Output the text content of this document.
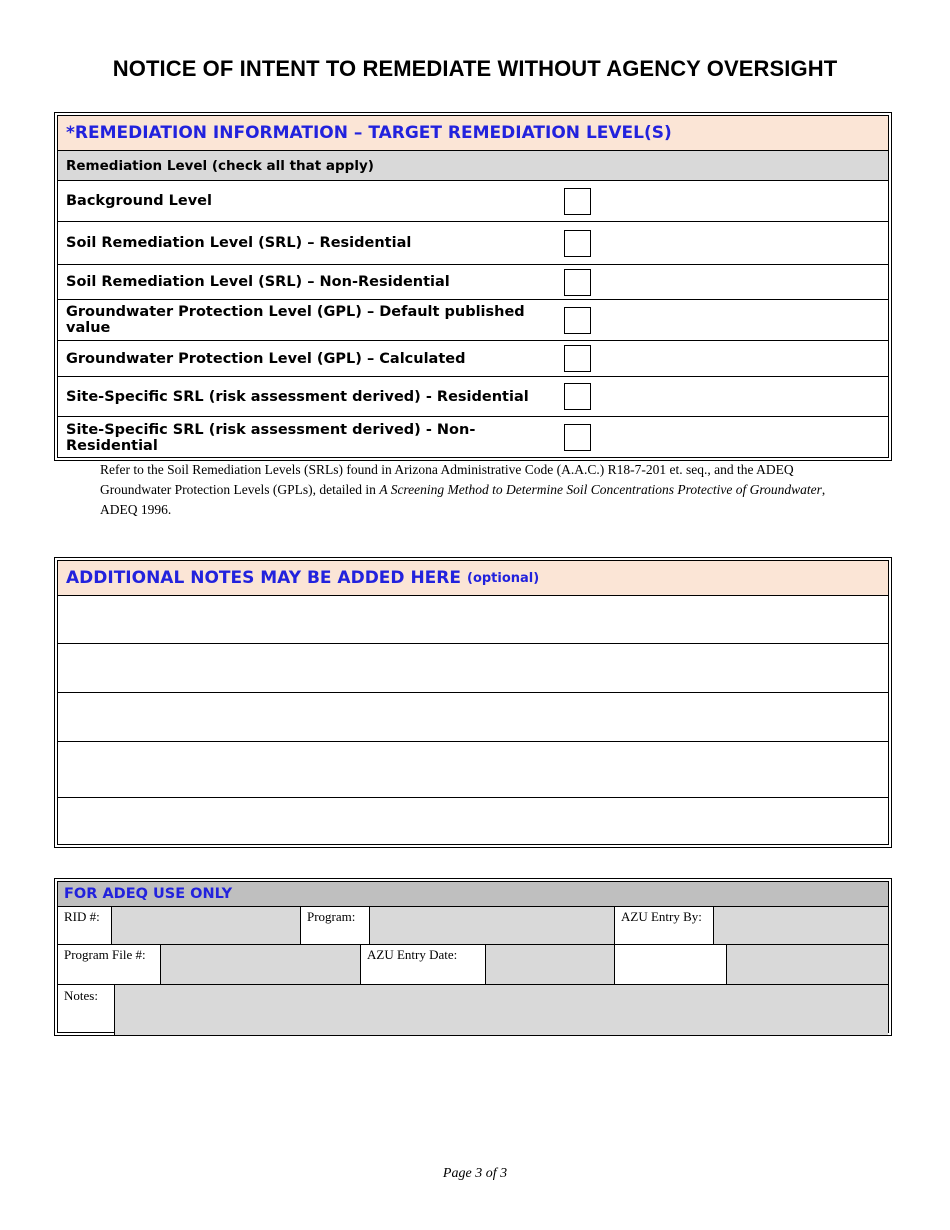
NOTICE OF INTENT TO REMEDIATE WITHOUT AGENCY OVERSIGHT
*REMEDIATION INFORMATION – TARGET REMEDIATION LEVEL(S)
Remediation Level (check all that apply)
Background Level
Soil Remediation Level (SRL) – Residential
Soil Remediation Level (SRL) – Non-Residential
Groundwater Protection Level (GPL) – Default published value
Groundwater Protection Level (GPL) – Calculated
Site-Specific SRL (risk assessment derived) - Residential
Site-Specific SRL (risk assessment derived) - Non-Residential
Refer to the Soil Remediation Levels (SRLs) found in Arizona Administrative Code (A.A.C.) R18-7-201 et. seq., and the ADEQ Groundwater Protection Levels (GPLs), detailed in A Screening Method to Determine Soil Concentrations Protective of Groundwater, ADEQ 1996.
ADDITIONAL NOTES MAY BE ADDED HERE (optional)
FOR ADEQ USE ONLY
RID #:	Program:	AZU Entry By:
Program File #:	AZU Entry Date:
Notes:
Page 3 of 3
